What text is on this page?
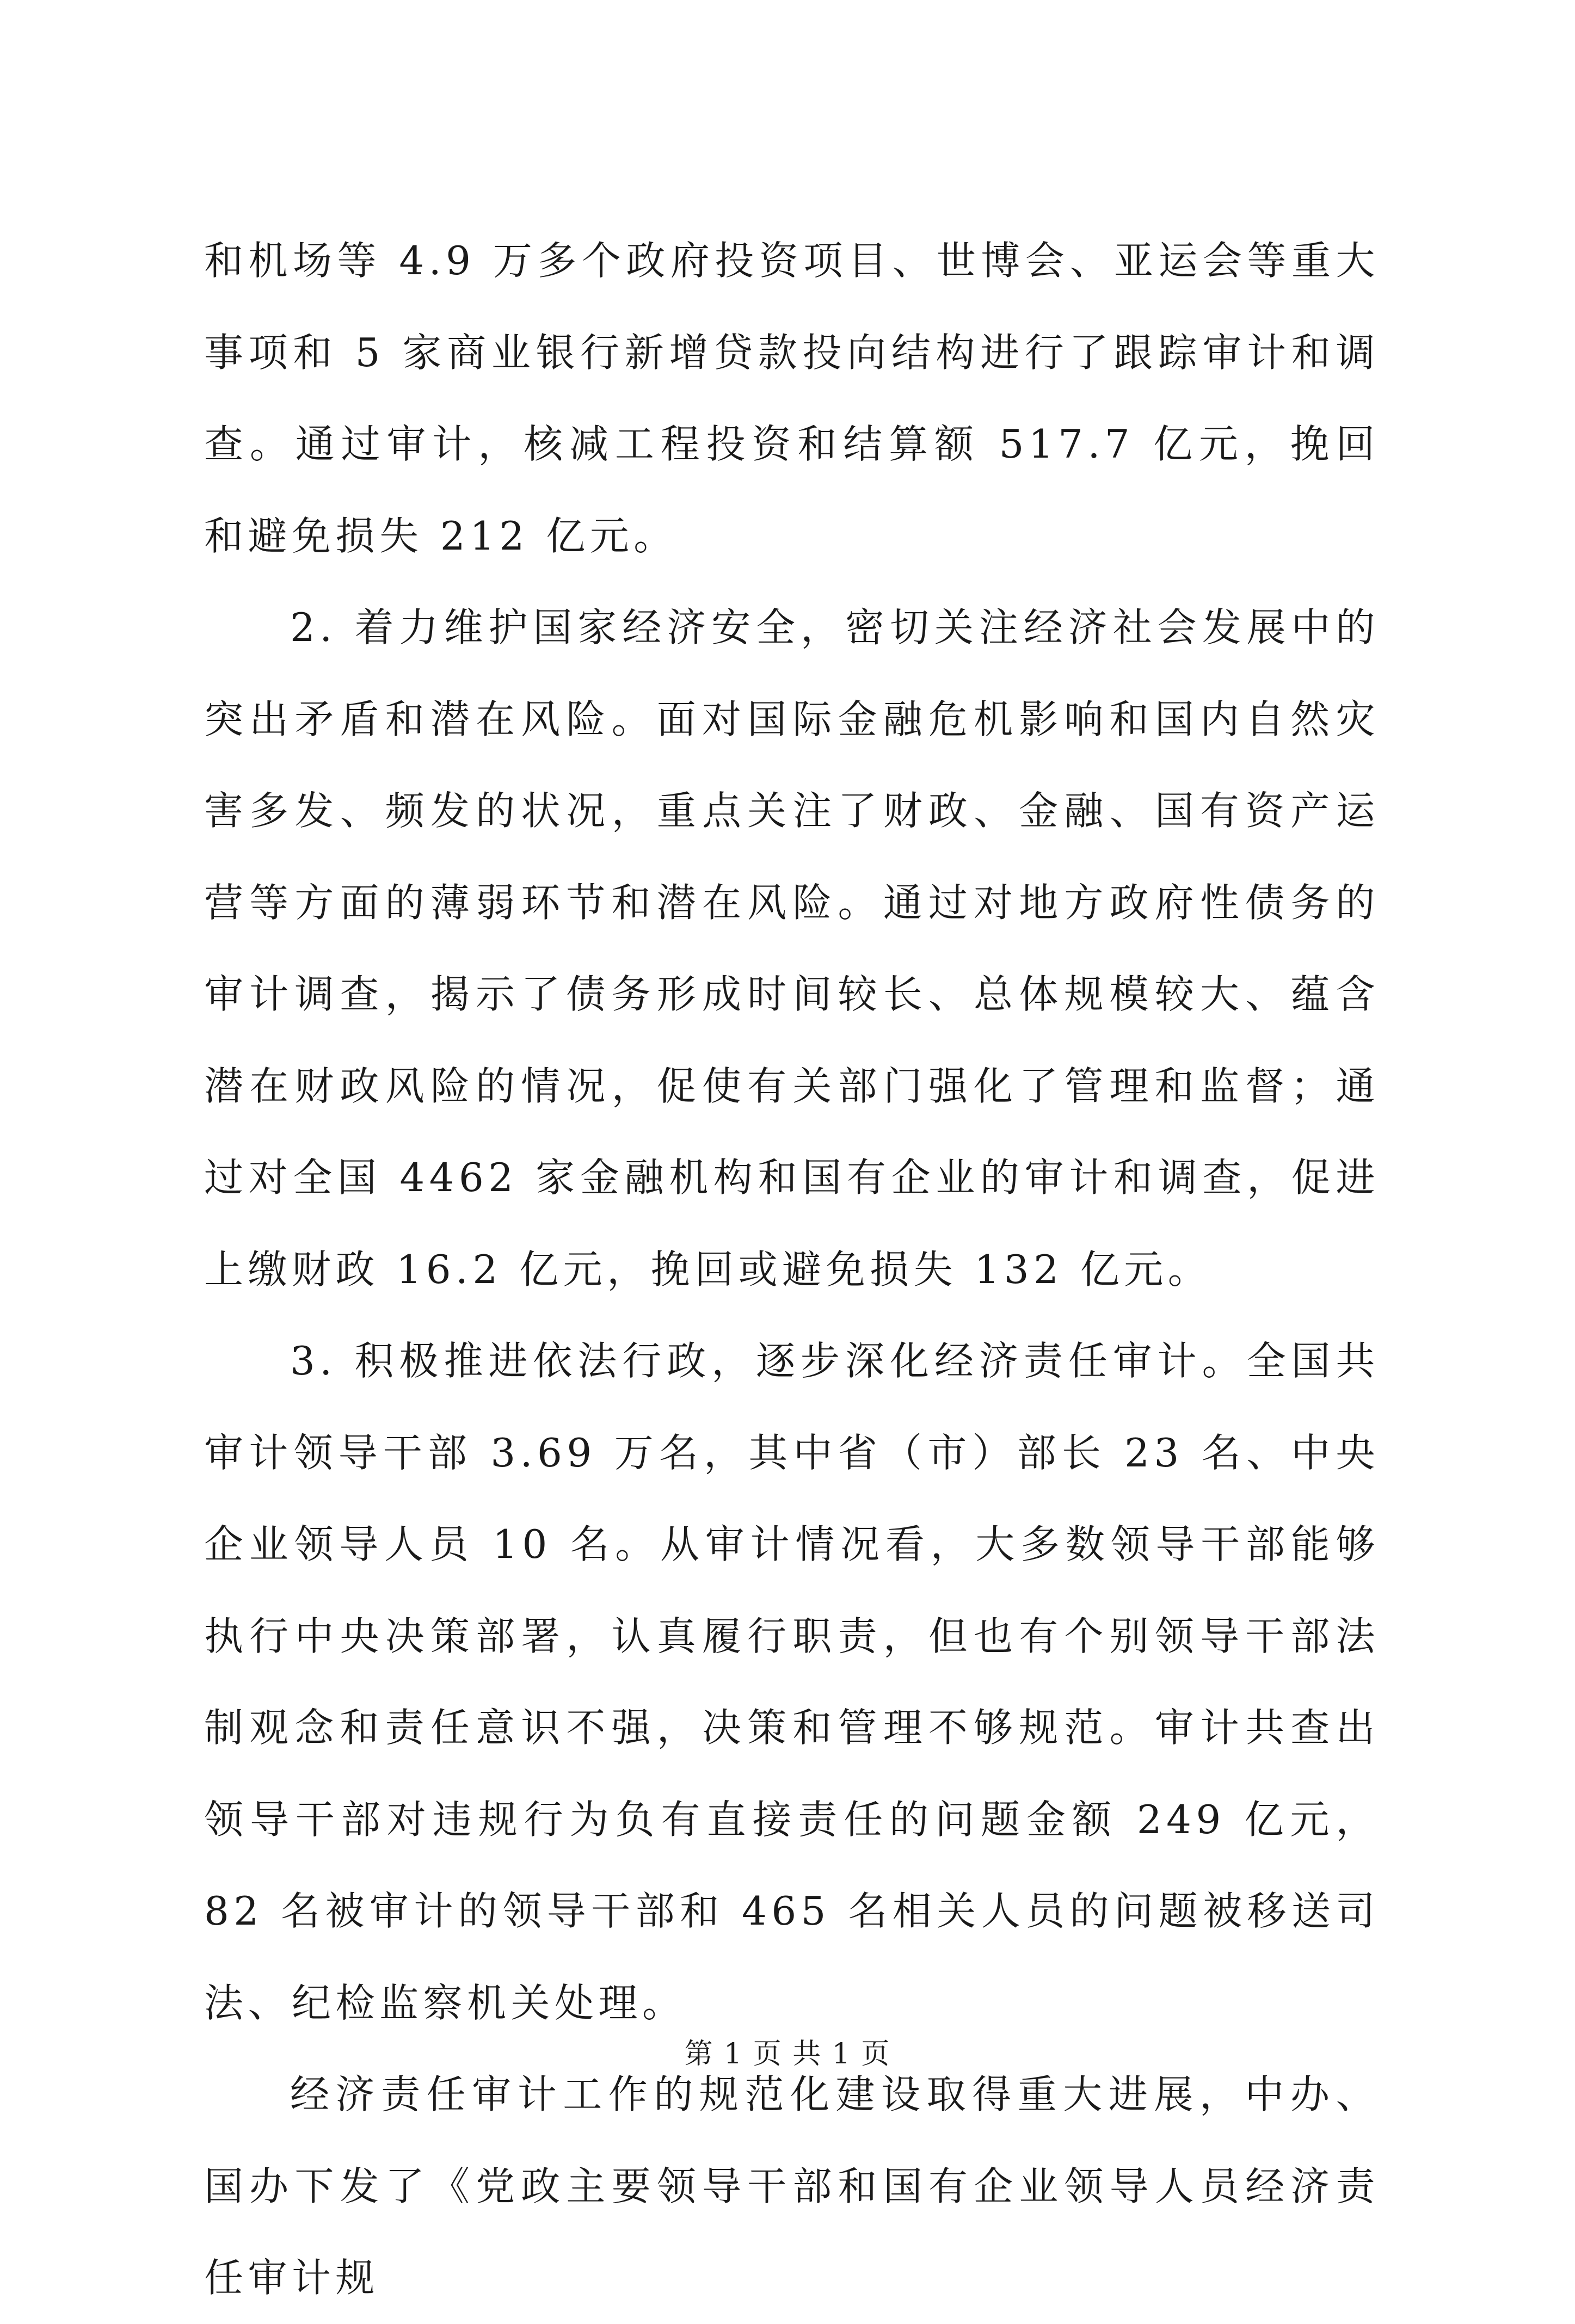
和机场等 4.9 万多个政府投资项目、世博会、亚运会等重大事项和 5 家商业银行新增贷款投向结构进行了跟踪审计和调查。通过审计，核减工程投资和结算额 517.7 亿元，挽回和避免损失 212 亿元。

2. 着力维护国家经济安全，密切关注经济社会发展中的突出矛盾和潜在风险。面对国际金融危机影响和国内自然灾害多发、频发的状况，重点关注了财政、金融、国有资产运营等方面的薄弱环节和潜在风险。通过对地方政府性债务的审计调查，揭示了债务形成时间较长、总体规模较大、蕴含潜在财政风险的情况，促使有关部门强化了管理和监督；通过对全国 4462 家金融机构和国有企业的审计和调查，促进上缴财政 16.2 亿元，挽回或避免损失 132 亿元。

3. 积极推进依法行政，逐步深化经济责任审计。全国共审计领导干部 3.69 万名，其中省（市）部长 23 名、中央企业领导人员 10 名。从审计情况看，大多数领导干部能够执行中央决策部署，认真履行职责，但也有个别领导干部法制观念和责任意识不强，决策和管理不够规范。审计共查出领导干部对违规行为负有直接责任的问题金额 249 亿元，82 名被审计的领导干部和 465 名相关人员的问题被移送司法、纪检监察机关处理。

经济责任审计工作的规范化建设取得重大进展，中办、国办下发了《党政主要领导干部和国有企业领导人员经济责任审计规

第 1 页 共 1 页
